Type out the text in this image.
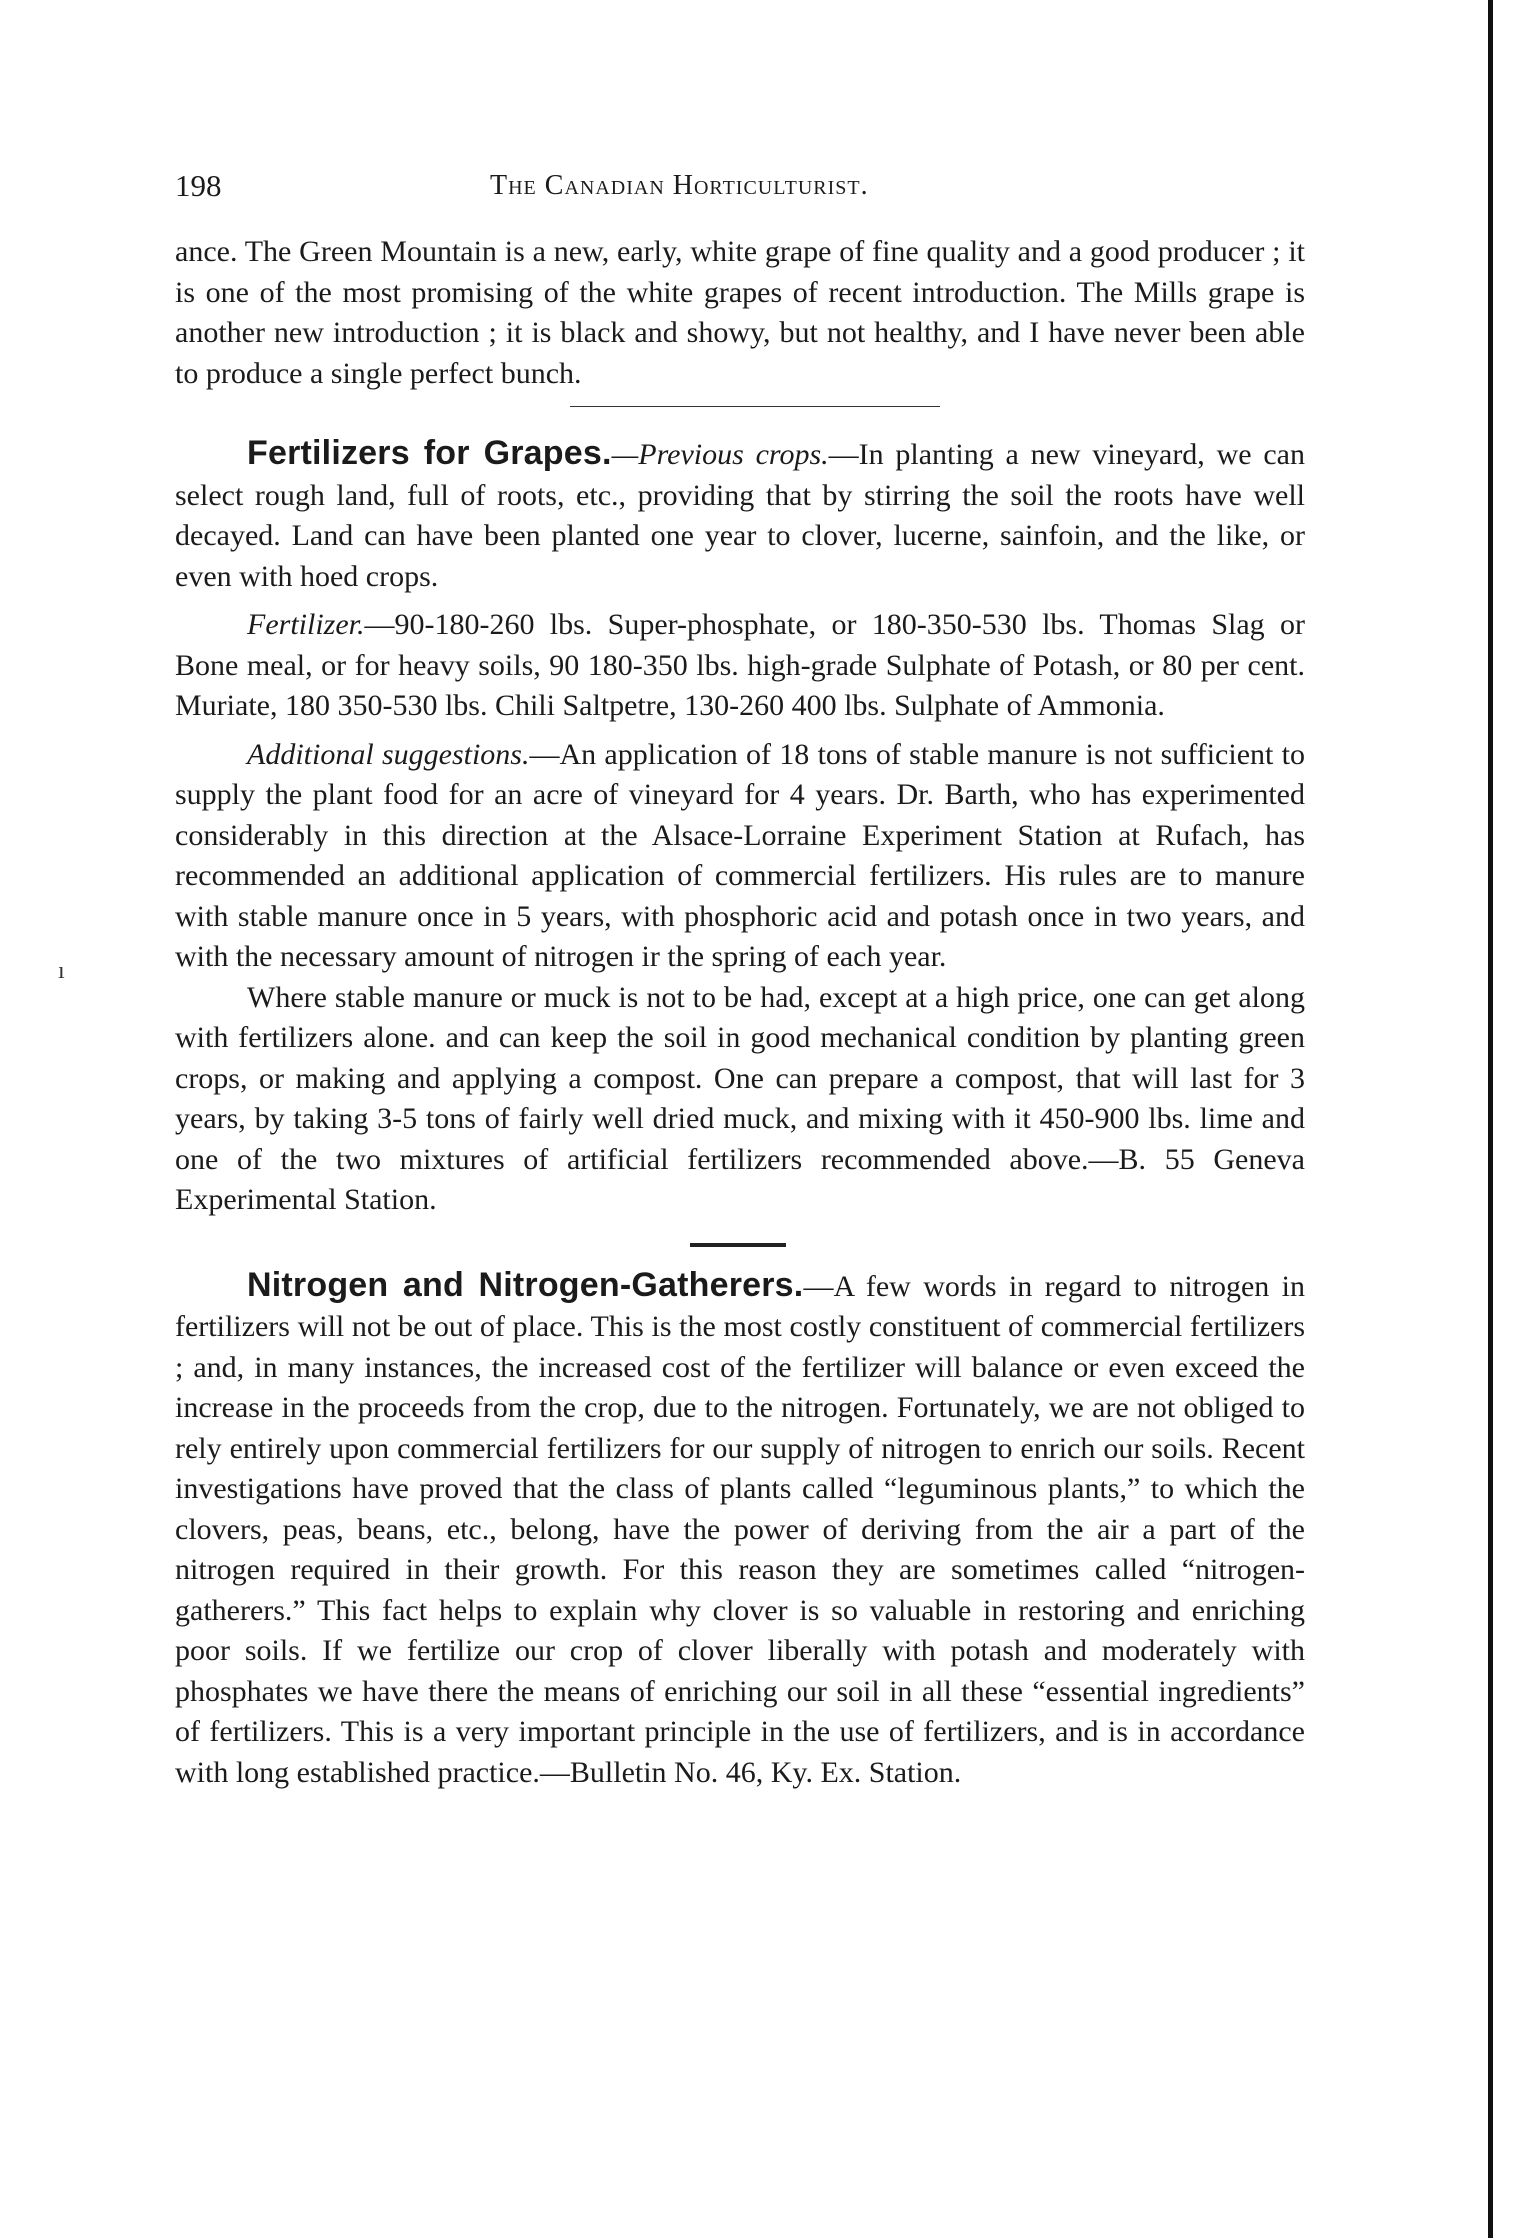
198	The Canadian Horticulturist.
ı

ance. The Green Mountain is a new, early, white grape of fine quality and a good producer ; it is one of the most promising of the white grapes of recent introduction. The Mills grape is another new introduction ; it is black and showy, but not healthy, and I have never been able to produce a single perfect bunch.

Fertilizers for Grapes.—Previous crops.—In planting a new vineyard, we can select rough land, full of roots, etc., providing that by stirring the soil the roots have well decayed. Land can have been planted one year to clover, lucerne, sainfoin, and the like, or even with hoed crops.

Fertilizer.—90-180-260 lbs. Super-phosphate, or 180-350-530 lbs. Thomas Slag or Bone meal, or for heavy soils, 90 180-350 lbs. high-grade Sulphate of Potash, or 80 per cent. Muriate, 180 350-530 lbs. Chili Saltpetre, 130-260 400 lbs. Sulphate of Ammonia.

Additional suggestions.—An application of 18 tons of stable manure is not sufficient to supply the plant food for an acre of vineyard for 4 years. Dr. Barth, who has experimented considerably in this direction at the Alsace-Lorraine Experiment Station at Rufach, has recommended an additional application of commercial fertilizers. His rules are to manure with stable manure once in 5 years, with phosphoric acid and potash once in two years, and with the necessary amount of nitrogen ir the spring of each year.

Where stable manure or muck is not to be had, except at a high price, one can get along with fertilizers alone. and can keep the soil in good mechanical condition by planting green crops, or making and applying a compost. One can prepare a compost, that will last for 3 years, by taking 3-5 tons of fairly well dried muck, and mixing with it 450-900 lbs. lime and one of the two mixtures of artificial fertilizers recommended above.—B. 55 Geneva Experimental Station.

Nitrogen and Nitrogen-Gatherers.—A few words in regard to nitrogen in fertilizers will not be out of place. This is the most costly constituent of commercial fertilizers ; and, in many instances, the increased cost of the fertilizer will balance or even exceed the increase in the proceeds from the crop, due to the nitrogen. Fortunately, we are not obliged to rely entirely upon commercial fertilizers for our supply of nitrogen to enrich our soils. Recent investigations have proved that the class of plants called “leguminous plants,” to which the clovers, peas, beans, etc., belong, have the power of deriving from the air a part of the nitrogen required in their growth. For this reason they are sometimes called “nitrogen-gatherers.” This fact helps to explain why clover is so valuable in restoring and enriching poor soils. If we fertilize our crop of clover liberally with potash and moderately with phosphates we have there the means of enriching our soil in all these “essential ingredients” of fertilizers. This is a very important principle in the use of fertilizers, and is in accordance with long established practice.—Bulletin No. 46, Ky. Ex. Station.
